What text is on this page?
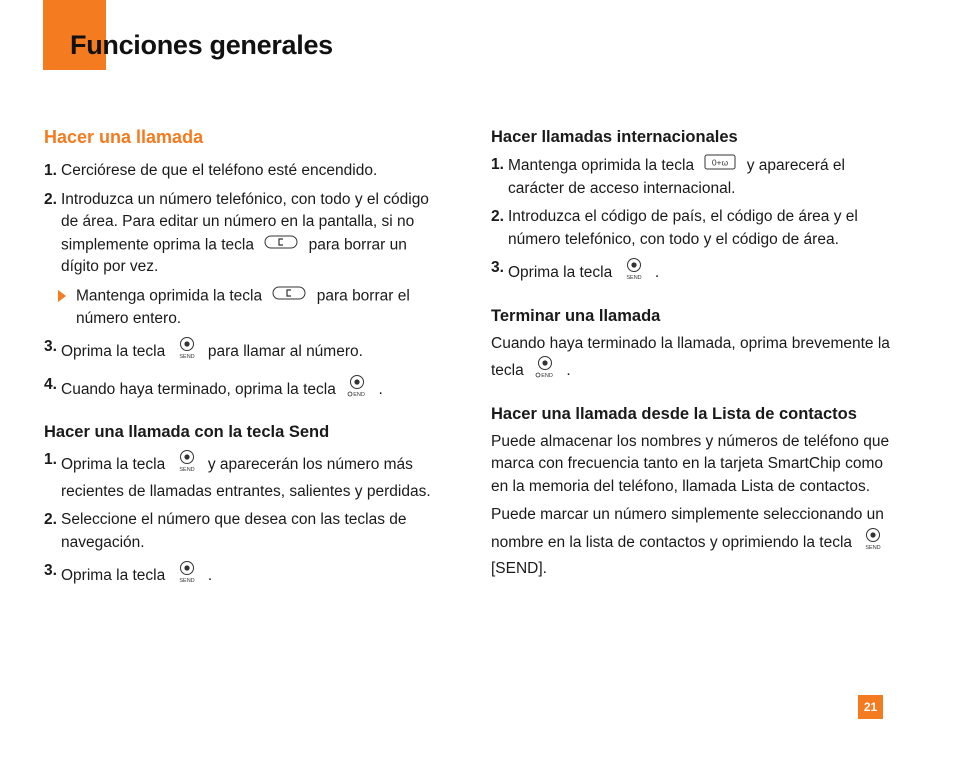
Funciones generales
Hacer una llamada
1. Cerciórese de que el teléfono esté encendido.
2. Introduzca un número telefónico, con todo y el código de área. Para editar un número en la pantalla, si no simplemente oprima la tecla	para borrar un dígito por vez.
Mantenga oprimida la tecla	para borrar el número entero.
3. Oprima la tecla SEND para llamar al número.
4. Cuando haya terminado, oprima la tecla	END .
Hacer una llamada con la tecla Send
1. Oprima la tecla SEND y aparecerán los número más recientes de llamadas entrantes, salientes y perdidas.
2. Seleccione el número que desea con las teclas de navegación.
3. Oprima la tecla SEND .
Hacer llamadas internacionales
1. Mantenga oprimida la tecla 0+ω y aparecerá el carácter de acceso internacional.
2. Introduzca el código de país, el código de área y el número telefónico, con todo y el código de área.
3. Oprima la tecla SEND .
Terminar una llamada
Cuando haya terminado la llamada, oprima brevemente la tecla	END .
Hacer una llamada desde la Lista de contactos
Puede almacenar los nombres y números de teléfono que marca con frecuencia tanto en la tarjeta SmartChip como en la memoria del teléfono, llamada Lista de contactos.
Puede marcar un número simplemente seleccionando un nombre en la lista de contactos y oprimiendo la tecla SEND
[SEND].
21
